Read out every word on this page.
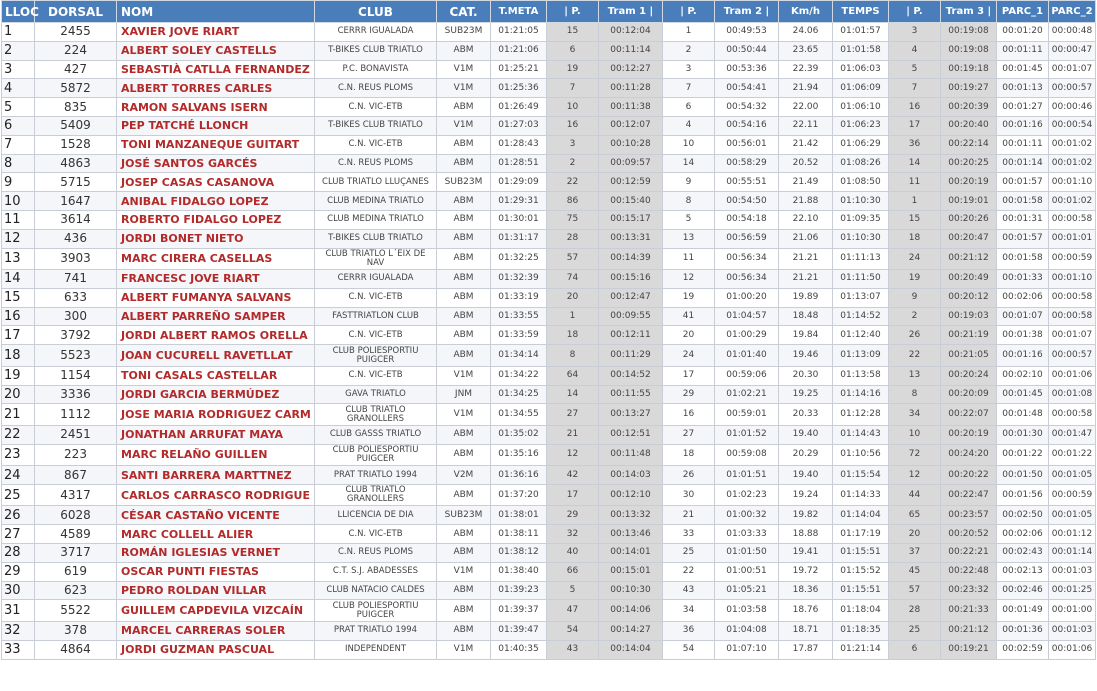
LLOC	DORSAL	NOM	CLUB	CAT.	T.META	| P.	Tram 1 |	| P.	Tram 2 |	Km/h	TEMPS	| P.	Tram 3 |	PARC_1	PARC_2
1	2455	XAVIER JOVE RIART	CERRR IGUALADA	SUB23M	01:21:05	15	00:12:04	1	00:49:53	24.06	01:01:57	3	00:19:08	00:01:20	00:00:48
2	224	ALBERT SOLEY CASTELLS	T-BIKES CLUB TRIATLO	ABM	01:21:06	6	00:11:14	2	00:50:44	23.65	01:01:58	4	00:19:08	00:01:11	00:00:47
3	427	SEBASTIÀ CATLLA FERNANDEZ	P.C. BONAVISTA	V1M	01:25:21	19	00:12:27	3	00:53:36	22.39	01:06:03	5	00:19:18	00:01:45	00:01:07
4	5872	ALBERT TORRES CARLES	C.N. REUS PLOMS	V1M	01:25:36	7	00:11:28	7	00:54:41	21.94	01:06:09	7	00:19:27	00:01:13	00:00:57
5	835	RAMON SALVANS ISERN	C.N. VIC-ETB	ABM	01:26:49	10	00:11:38	6	00:54:32	22.00	01:06:10	16	00:20:39	00:01:27	00:00:46
6	5409	PEP TATCHÉ LLONCH	T-BIKES CLUB TRIATLO	V1M	01:27:03	16	00:12:07	4	00:54:16	22.11	01:06:23	17	00:20:40	00:01:16	00:00:54
7	1528	TONI MANZANEQUE GUITART	C.N. VIC-ETB	ABM	01:28:43	3	00:10:28	10	00:56:01	21.42	01:06:29	36	00:22:14	00:01:11	00:01:02
8	4863	JOSÉ SANTOS GARCÉS	C.N. REUS PLOMS	ABM	01:28:51	2	00:09:57	14	00:58:29	20.52	01:08:26	14	00:20:25	00:01:14	00:01:02
9	5715	JOSEP CASAS CASANOVA	CLUB TRIATLO LLUÇANES	SUB23M	01:29:09	22	00:12:59	9	00:55:51	21.49	01:08:50	11	00:20:19	00:01:57	00:01:10
10	1647	ANIBAL FIDALGO LOPEZ	CLUB MEDINA TRIATLO	ABM	01:29:31	86	00:15:40	8	00:54:50	21.88	01:10:30	1	00:19:01	00:01:58	00:01:02
11	3614	ROBERTO FIDALGO LOPEZ	CLUB MEDINA TRIATLO	ABM	01:30:01	75	00:15:17	5	00:54:18	22.10	01:09:35	15	00:20:26	00:01:31	00:00:58
12	436	JORDI BONET NIETO	T-BIKES CLUB TRIATLO	ABM	01:31:17	28	00:13:31	13	00:56:59	21.06	01:10:30	18	00:20:47	00:01:57	00:01:01
13	3903	MARC CIRERA CASELLAS	CLUB TRIATLO L´EIX DE NAV	ABM	01:32:25	57	00:14:39	11	00:56:34	21.21	01:11:13	24	00:21:12	00:01:58	00:00:59
14	741	FRANCESC JOVE RIART	CERRR IGUALADA	ABM	01:32:39	74	00:15:16	12	00:56:34	21.21	01:11:50	19	00:20:49	00:01:33	00:01:10
15	633	ALBERT FUMANYA SALVANS	C.N. VIC-ETB	ABM	01:33:19	20	00:12:47	19	01:00:20	19.89	01:13:07	9	00:20:12	00:02:06	00:00:58
16	300	ALBERT PARREÑO SAMPER	FASTTRIATLON CLUB	ABM	01:33:55	1	00:09:55	41	01:04:57	18.48	01:14:52	2	00:19:03	00:01:07	00:00:58
17	3792	JORDI ALBERT RAMOS ORELLA	C.N. VIC-ETB	ABM	01:33:59	18	00:12:11	20	01:00:29	19.84	01:12:40	26	00:21:19	00:01:38	00:01:07
18	5523	JOAN CUCURELL RAVETLLAT	CLUB POLIESPORTIU PUIGCER	ABM	01:34:14	8	00:11:29	24	01:01:40	19.46	01:13:09	22	00:21:05	00:01:16	00:00:57
19	1154	TONI CASALS CASTELLAR	C.N. VIC-ETB	V1M	01:34:22	64	00:14:52	17	00:59:06	20.30	01:13:58	13	00:20:24	00:02:10	00:01:06
20	3336	JORDI GARCIA BERMÚDEZ	GAVA TRIATLO	JNM	01:34:25	14	00:11:55	29	01:02:21	19.25	01:14:16	8	00:20:09	00:01:45	00:01:08
21	1112	JOSE MARIA RODRIGUEZ CARM	CLUB TRIATLO GRANOLLERS	V1M	01:34:55	27	00:13:27	16	00:59:01	20.33	01:12:28	34	00:22:07	00:01:48	00:00:58
22	2451	JONATHAN ARRUFAT MAYA	CLUB GASSS TRIATLO	ABM	01:35:02	21	00:12:51	27	01:01:52	19.40	01:14:43	10	00:20:19	00:01:30	00:01:47
23	223	MARC RELAÑO GUILLEN	CLUB POLIESPORTIU PUIGCER	ABM	01:35:16	12	00:11:48	18	00:59:08	20.29	01:10:56	72	00:24:20	00:01:22	00:01:22
24	867	SANTI BARRERA MARTTNEZ	PRAT TRIATLO 1994	V2M	01:36:16	42	00:14:03	26	01:01:51	19.40	01:15:54	12	00:20:22	00:01:50	00:01:05
25	4317	CARLOS CARRASCO RODRIGUE	CLUB TRIATLO GRANOLLERS	ABM	01:37:20	17	00:12:10	30	01:02:23	19.24	01:14:33	44	00:22:47	00:01:56	00:00:59
26	6028	CÉSAR CASTAÑO VICENTE	LLICENCIA DE DIA	SUB23M	01:38:01	29	00:13:32	21	01:00:32	19.82	01:14:04	65	00:23:57	00:02:50	00:01:05
27	4589	MARC COLLELL ALIER	C.N. VIC-ETB	ABM	01:38:11	32	00:13:46	33	01:03:33	18.88	01:17:19	20	00:20:52	00:02:06	00:01:12
28	3717	ROMÁN IGLESIAS VERNET	C.N. REUS PLOMS	ABM	01:38:12	40	00:14:01	25	01:01:50	19.41	01:15:51	37	00:22:21	00:02:43	00:01:14
29	619	OSCAR PUNTI FIESTAS	C.T. S.J. ABADESSES	V1M	01:38:40	66	00:15:01	22	01:00:51	19.72	01:15:52	45	00:22:48	00:02:13	00:01:03
30	623	PEDRO ROLDAN VILLAR	CLUB NATACIO CALDES	ABM	01:39:23	5	00:10:30	43	01:05:21	18.36	01:15:51	57	00:23:32	00:02:46	00:01:25
31	5522	GUILLEM CAPDEVILA VIZCAÍN	CLUB POLIESPORTIU PUIGCER	ABM	01:39:37	47	00:14:06	34	01:03:58	18.76	01:18:04	28	00:21:33	00:01:49	00:01:00
32	378	MARCEL CARRERAS SOLER	PRAT TRIATLO 1994	ABM	01:39:47	54	00:14:27	36	01:04:08	18.71	01:18:35	25	00:21:12	00:01:36	00:01:03
33	4864	JORDI GUZMAN PASCUAL	INDEPENDENT	V1M	01:40:35	43	00:14:04	54	01:07:10	17.87	01:21:14	6	00:19:21	00:02:59	00:01:06
